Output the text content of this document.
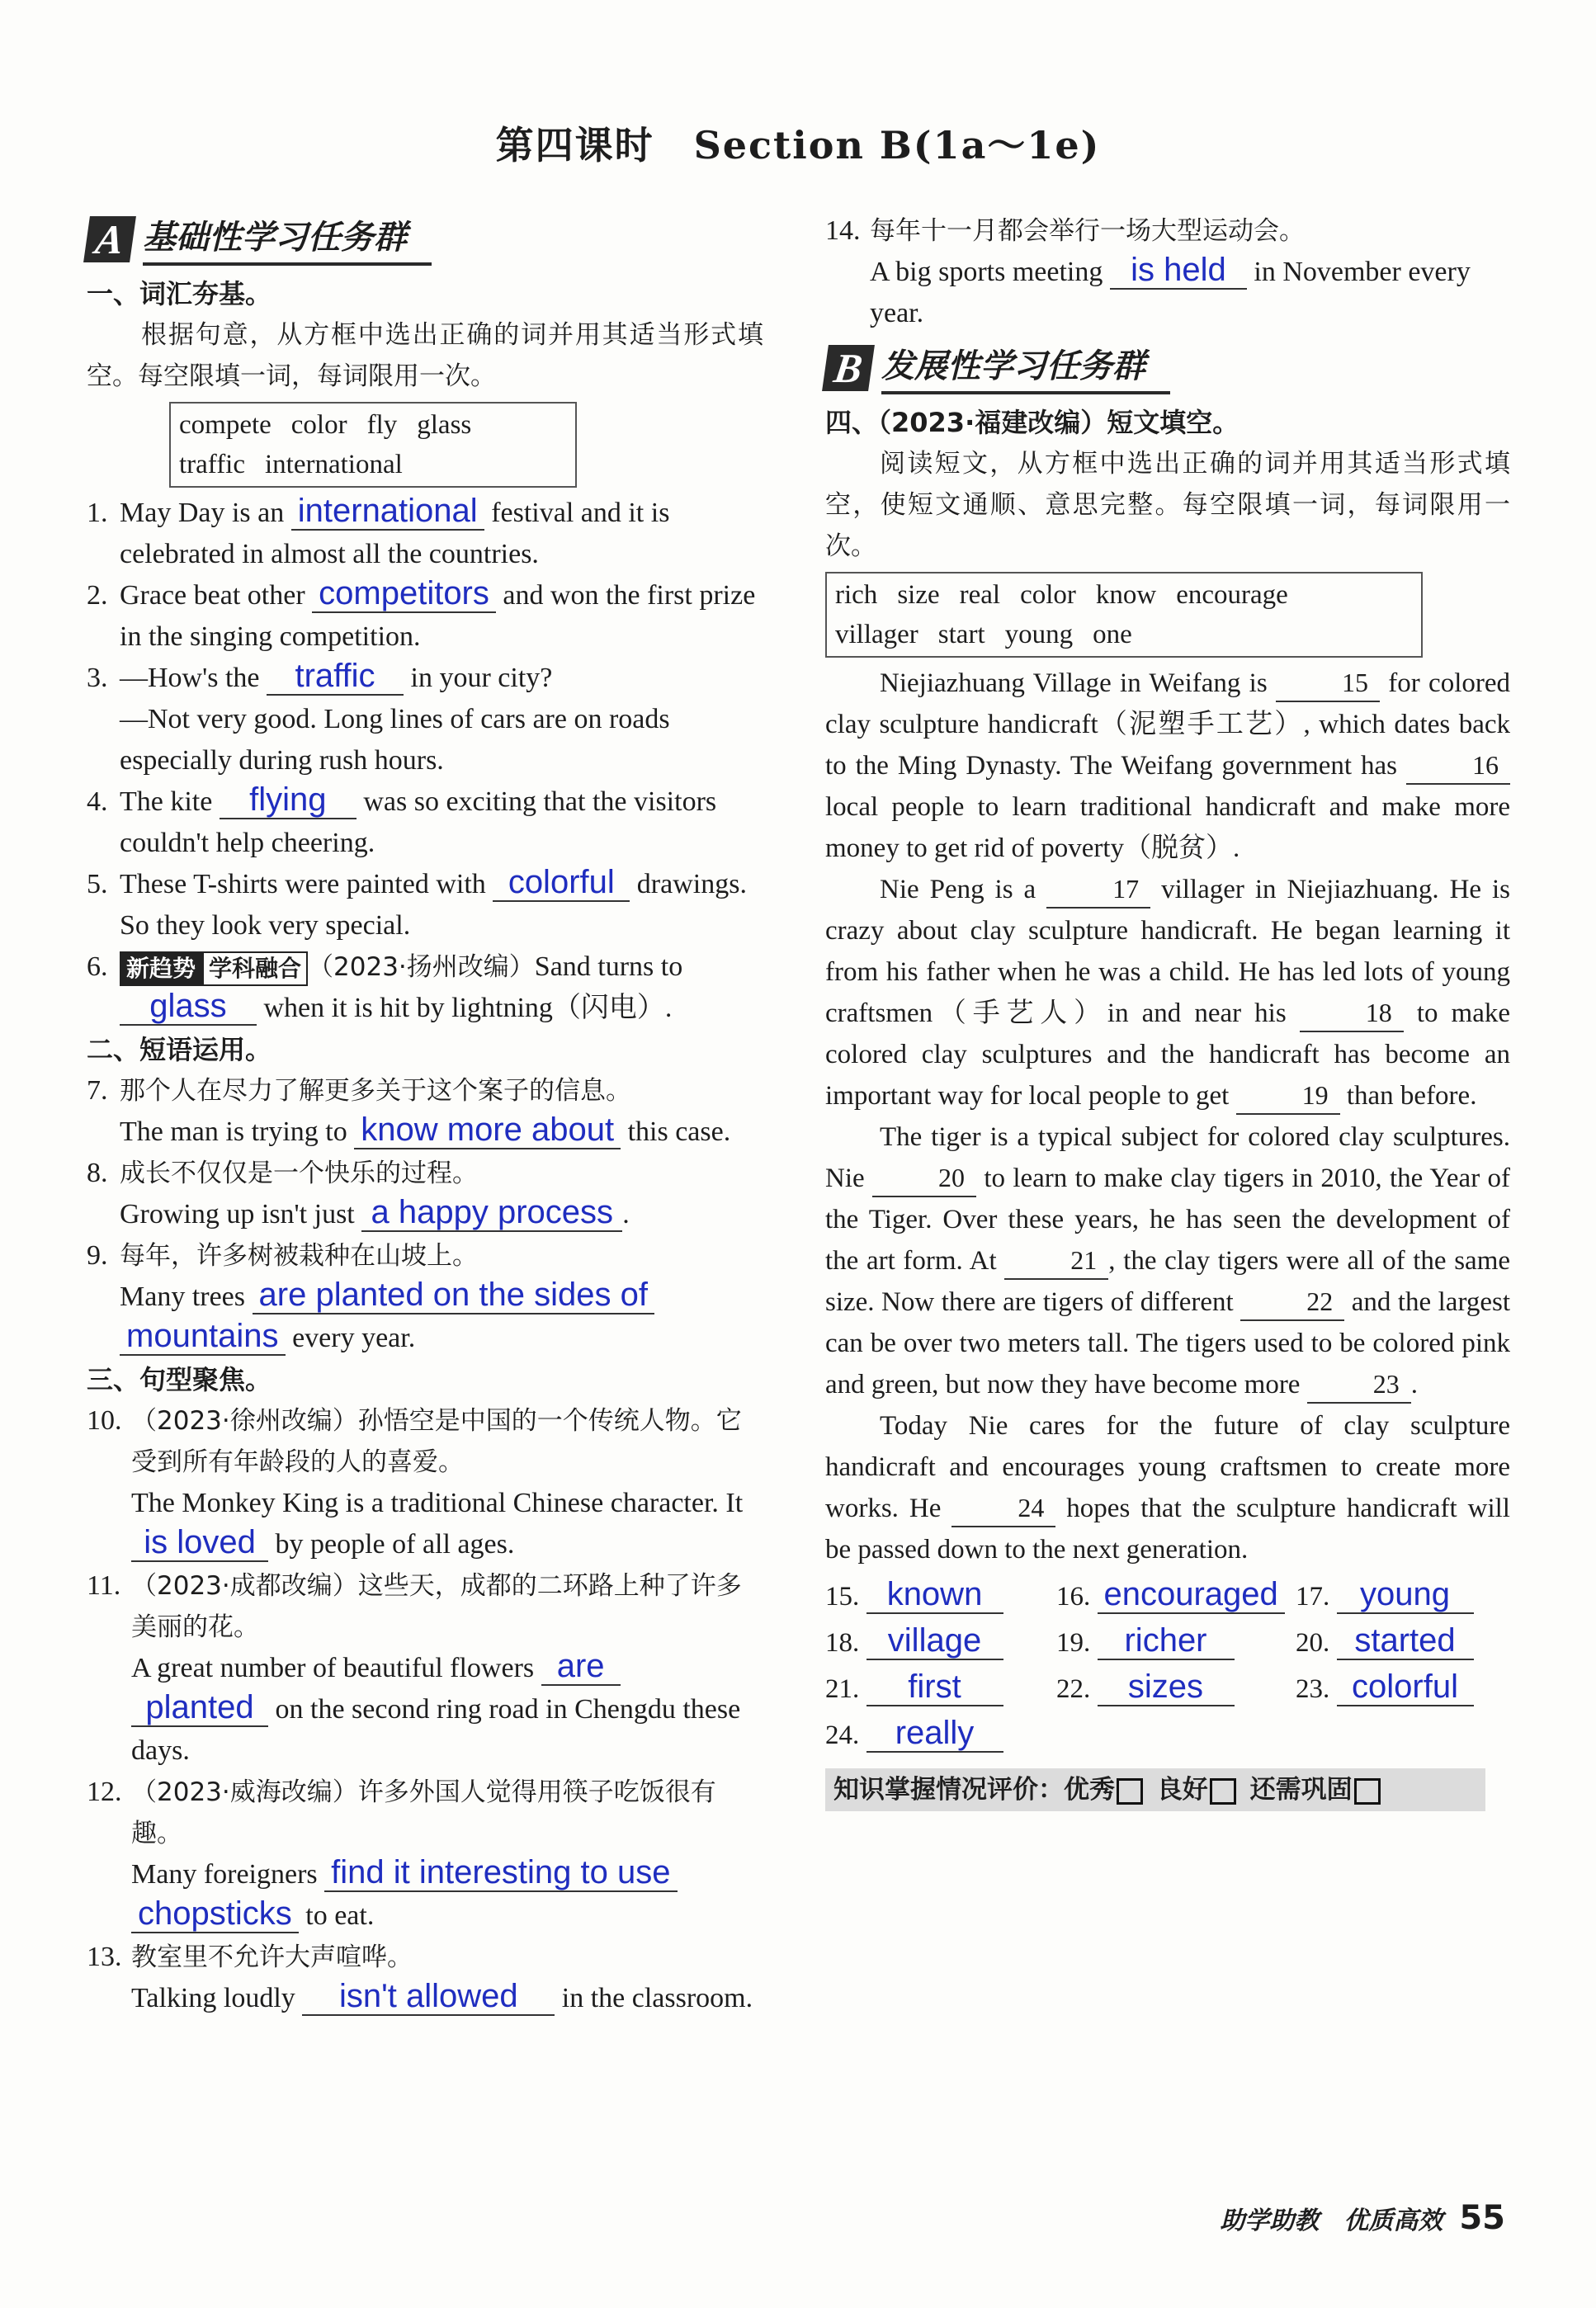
第四课时　Section B(1a～1e)
A 基础性学习任务群
一、词汇夯基。

根据句意，从方框中选出正确的词并用其适当形式填空。每空限填一词，每词限用一次。

compete color fly glass
traffic international
1. May Day is an international festival and it is celebrated in almost all the countries.
2. Grace beat other competitors and won the first prize in the singing competition.
3. —How's the traffic in your city?
—Not very good. Long lines of cars are on roads especially during rush hours.
4. The kite flying was so exciting that the visitors couldn't help cheering.
5. These T-shirts were painted with colorful drawings. So they look very special.
6. 新趋势 学科融合 （2023·扬州改编）Sand turns to glass when it is hit by lightning（闪电）.
二、短语运用。
7. 那个人在尽力了解更多关于这个案子的信息。
The man is trying to know more about this case.
8. 成长不仅仅是一个快乐的过程。
Growing up isn't just a happy process .
9. 每年，许多树被栽种在山坡上。
Many trees are planted on the sides of
mountains every year.
三、句型聚焦。
10. （2023·徐州改编）孙悟空是中国的一个传统人物。它受到所有年龄段的人的喜爱。
The Monkey King is a traditional Chinese character. It is loved by people of all ages.
11. （2023·成都改编）这些天，成都的二环路上种了许多美丽的花。
A great number of beautiful flowers are
planted on the second ring road in Chengdu these days.
12. （2023·威海改编）许多外国人觉得用筷子吃饭很有趣。
Many foreigners find it interesting to use
chopsticks to eat.
13. 教室里不允许大声喧哗。
Talking loudly isn't allowed in the classroom.
14. 每年十一月都会举行一场大型运动会。
A big sports meeting is held in November every year.
B 发展性学习任务群
四、（2023·福建改编）短文填空。

阅读短文，从方框中选出正确的词并用其适当形式填空，使短文通顺、意思完整。每空限填一词，每词限用一次。

rich size real color know encourage
villager start young one

Niejiazhuang Village in Weifang is	15 for colored clay sculpture handicraft（泥塑手工艺）, which dates back to the Ming Dynasty. The Weifang government has	16 local people to learn traditional handicraft and make more money to get rid of poverty（脱贫）.

Nie Peng is a	17 villager in Niejiazhuang. He is crazy about clay sculpture handicraft. He began learning it from his father when he was a child. He has led lots of young craftsmen（手艺人）in and near his	18 to make colored clay sculptures and the handicraft has become an important way for local people to get	19 than before.

The tiger is a typical subject for colored clay sculptures. Nie	20 to learn to make clay tigers in 2010, the Year of the Tiger. Over these years, he has seen the development of the art form. At	21 , the clay tigers were all of the same size. Now there are tigers of different	22 and the largest can be over two meters tall. The tigers used to be colored pink and green, but now they have become more	23 .

Today Nie cares for the future of clay sculpture handicraft and encourages young craftsmen to create more works. He	24 hopes that the sculpture handicraft will be passed down to the next generation.

15. known	16. encouraged 17. young
18. village	19. richer	20. started
21. first	22. sizes	23. colorful
24. really
知识掌握情况评价：优秀 良好 还需巩固
助学助教　优质高效 55
